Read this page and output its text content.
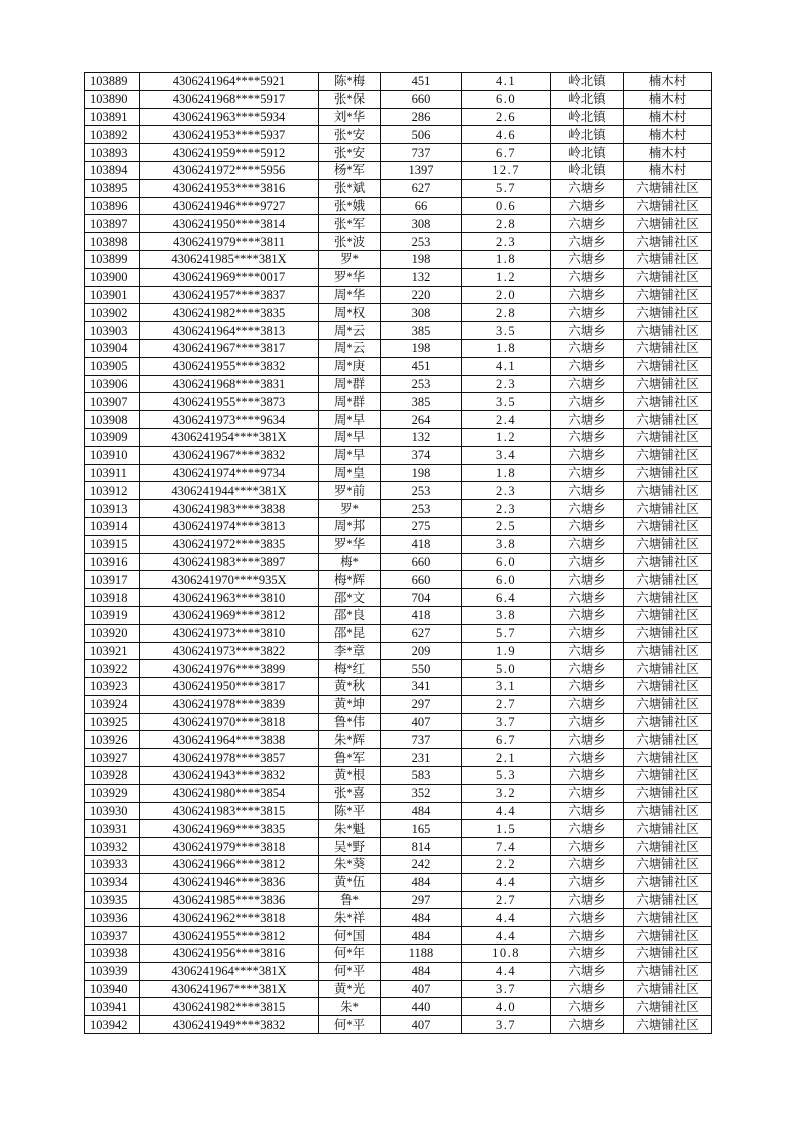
103889	4306241964****5921	陈*梅	451	4.1	岭北镇	楠木村
103890	4306241968****5917	张*保	660	6.0	岭北镇	楠木村
103891	4306241963****5934	刘*华	286	2.6	岭北镇	楠木村
103892	4306241953****5937	张*安	506	4.6	岭北镇	楠木村
103893	4306241959****5912	张*安	737	6.7	岭北镇	楠木村
103894	4306241972****5956	杨*军	1397	12.7	岭北镇	楠木村
103895	4306241953****3816	张*斌	627	5.7	六塘乡	六塘铺社区
103896	4306241946****9727	张*娥	66	0.6	六塘乡	六塘铺社区
103897	4306241950****3814	张*军	308	2.8	六塘乡	六塘铺社区
103898	4306241979****3811	张*波	253	2.3	六塘乡	六塘铺社区
103899	4306241985****381X	罗*	198	1.8	六塘乡	六塘铺社区
103900	4306241969****0017	罗*华	132	1.2	六塘乡	六塘铺社区
103901	4306241957****3837	周*华	220	2.0	六塘乡	六塘铺社区
103902	4306241982****3835	周*权	308	2.8	六塘乡	六塘铺社区
103903	4306241964****3813	周*云	385	3.5	六塘乡	六塘铺社区
103904	4306241967****3817	周*云	198	1.8	六塘乡	六塘铺社区
103905	4306241955****3832	周*庚	451	4.1	六塘乡	六塘铺社区
103906	4306241968****3831	周*群	253	2.3	六塘乡	六塘铺社区
103907	4306241955****3873	周*群	385	3.5	六塘乡	六塘铺社区
103908	4306241973****9634	周*早	264	2.4	六塘乡	六塘铺社区
103909	4306241954****381X	周*早	132	1.2	六塘乡	六塘铺社区
103910	4306241967****3832	周*早	374	3.4	六塘乡	六塘铺社区
103911	4306241974****9734	周*皇	198	1.8	六塘乡	六塘铺社区
103912	4306241944****381X	罗*前	253	2.3	六塘乡	六塘铺社区
103913	4306241983****3838	罗*	253	2.3	六塘乡	六塘铺社区
103914	4306241974****3813	周*邦	275	2.5	六塘乡	六塘铺社区
103915	4306241972****3835	罗*华	418	3.8	六塘乡	六塘铺社区
103916	4306241983****3897	梅*	660	6.0	六塘乡	六塘铺社区
103917	4306241970****935X	梅*辉	660	6.0	六塘乡	六塘铺社区
103918	4306241963****3810	邵*文	704	6.4	六塘乡	六塘铺社区
103919	4306241969****3812	邵*良	418	3.8	六塘乡	六塘铺社区
103920	4306241973****3810	邵*昆	627	5.7	六塘乡	六塘铺社区
103921	4306241973****3822	李*章	209	1.9	六塘乡	六塘铺社区
103922	4306241976****3899	梅*红	550	5.0	六塘乡	六塘铺社区
103923	4306241950****3817	黄*秋	341	3.1	六塘乡	六塘铺社区
103924	4306241978****3839	黄*坤	297	2.7	六塘乡	六塘铺社区
103925	4306241970****3818	鲁*伟	407	3.7	六塘乡	六塘铺社区
103926	4306241964****3838	朱*辉	737	6.7	六塘乡	六塘铺社区
103927	4306241978****3857	鲁*军	231	2.1	六塘乡	六塘铺社区
103928	4306241943****3832	黄*根	583	5.3	六塘乡	六塘铺社区
103929	4306241980****3854	张*喜	352	3.2	六塘乡	六塘铺社区
103930	4306241983****3815	陈*平	484	4.4	六塘乡	六塘铺社区
103931	4306241969****3835	朱*魁	165	1.5	六塘乡	六塘铺社区
103932	4306241979****3818	吴*野	814	7.4	六塘乡	六塘铺社区
103933	4306241966****3812	朱*葵	242	2.2	六塘乡	六塘铺社区
103934	4306241946****3836	黄*伍	484	4.4	六塘乡	六塘铺社区
103935	4306241985****3836	鲁*	297	2.7	六塘乡	六塘铺社区
103936	4306241962****3818	朱*祥	484	4.4	六塘乡	六塘铺社区
103937	4306241955****3812	何*国	484	4.4	六塘乡	六塘铺社区
103938	4306241956****3816	何*年	1188	10.8	六塘乡	六塘铺社区
103939	4306241964****381X	何*平	484	4.4	六塘乡	六塘铺社区
103940	4306241967****381X	黄*光	407	3.7	六塘乡	六塘铺社区
103941	4306241982****3815	朱*	440	4.0	六塘乡	六塘铺社区
103942	4306241949****3832	何*平	407	3.7	六塘乡	六塘铺社区
